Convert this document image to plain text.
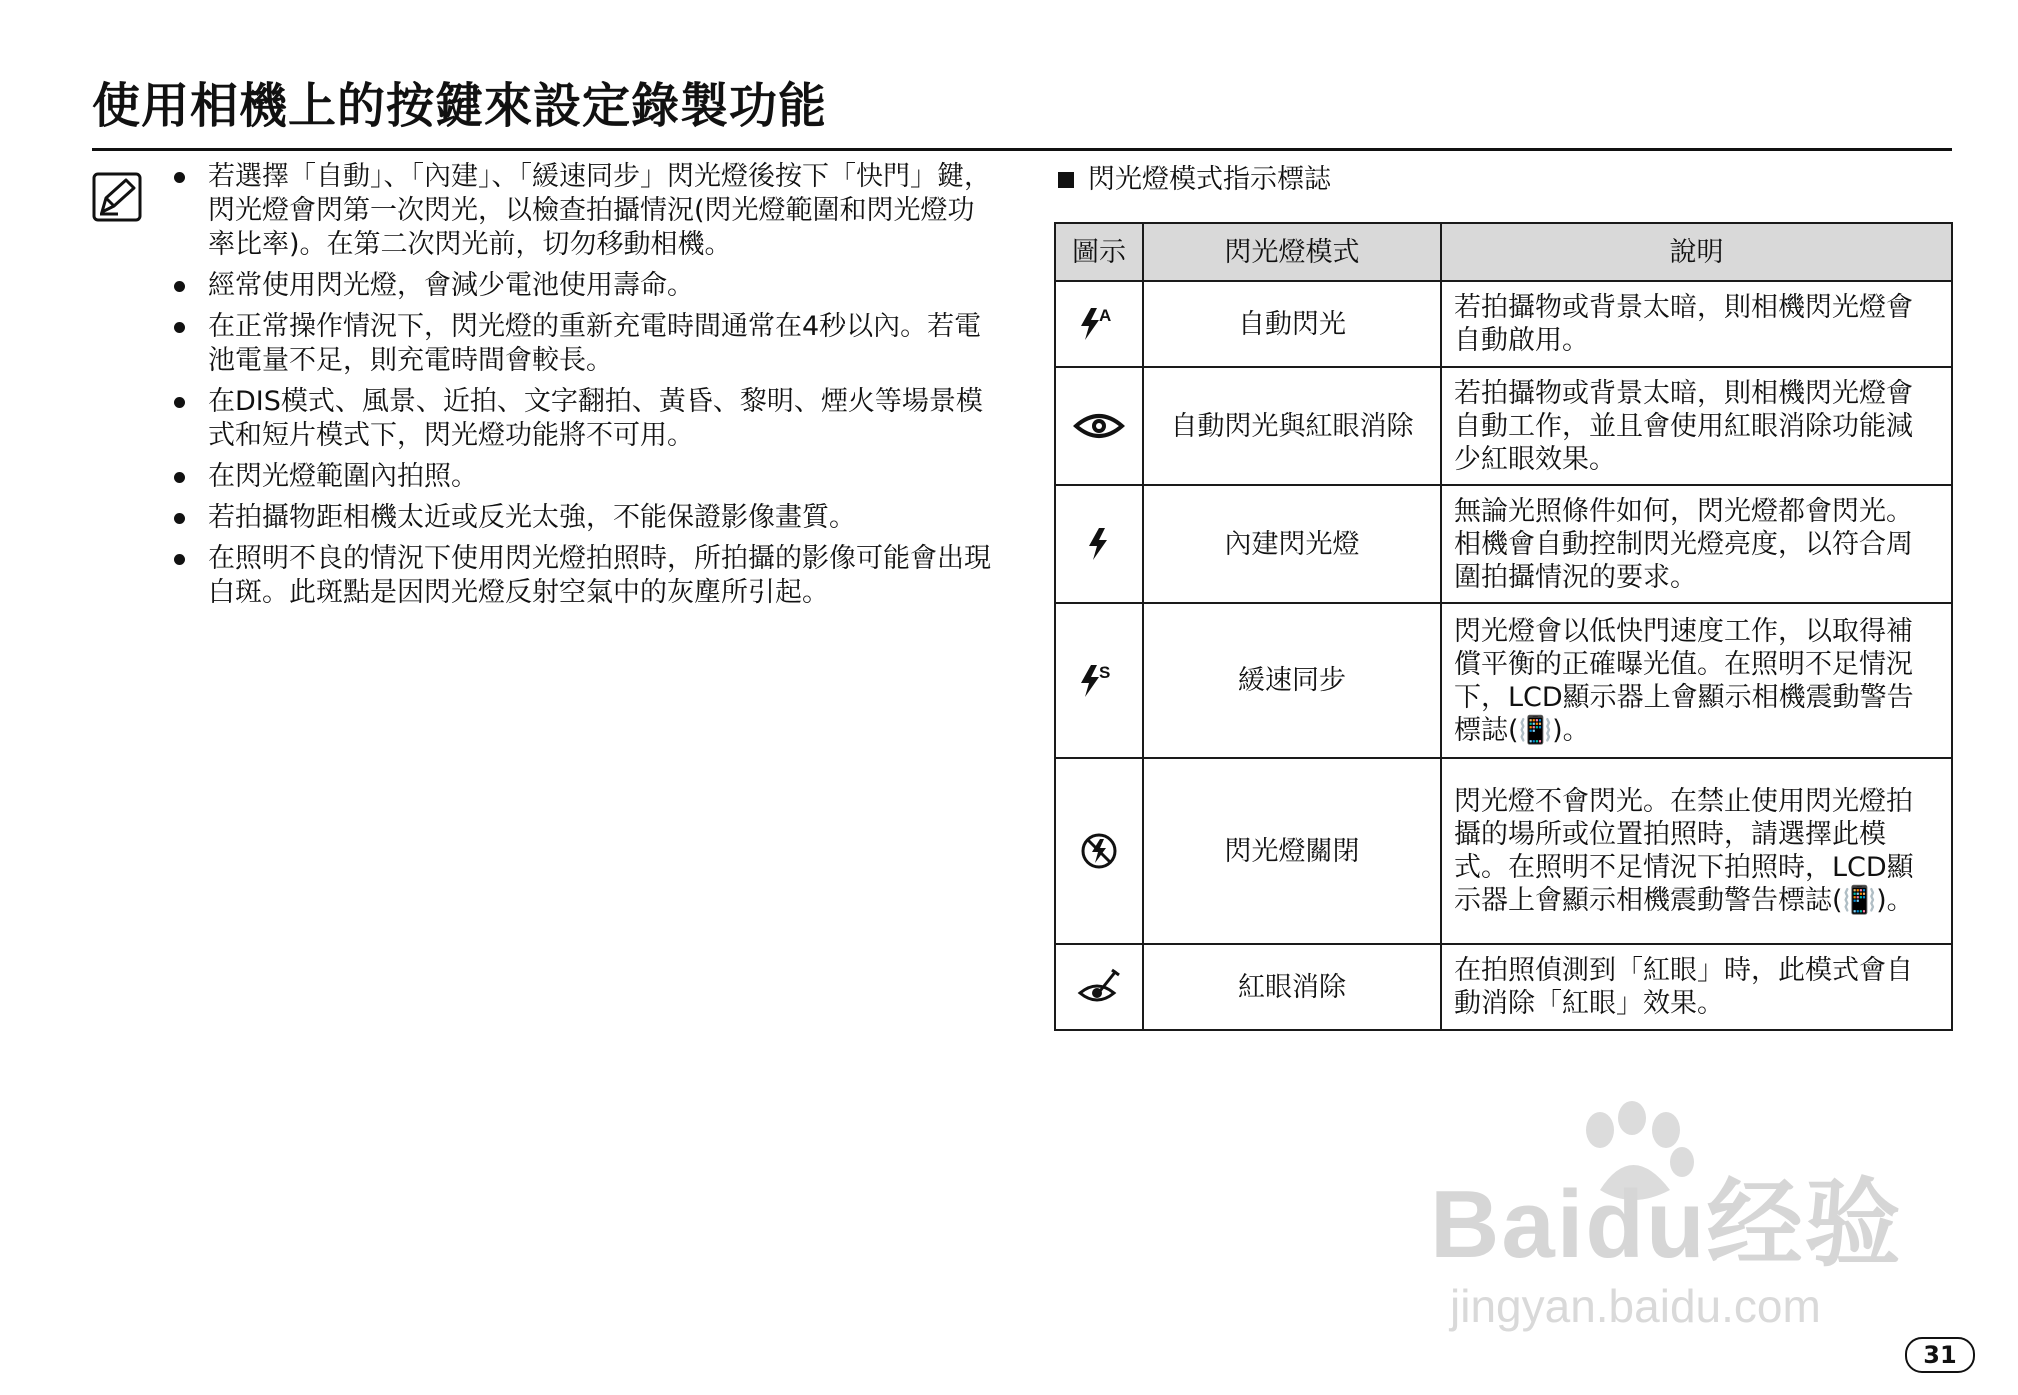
使用相機上的按鍵來設定錄製功能
若選擇「自動」、「內建」、「緩速同步」閃光燈後按下「快門」鍵，閃光燈會閃第一次閃光，以檢查拍攝情況(閃光燈範圍和閃光燈功率比率)。在第二次閃光前，切勿移動相機。
經常使用閃光燈，會減少電池使用壽命。
在正常操作情況下，閃光燈的重新充電時間通常在4秒以內。若電池電量不足，則充電時間會較長。
在DIS模式、風景、近拍、文字翻拍、黃昏、黎明、煙火等場景模式和短片模式下，閃光燈功能將不可用。
在閃光燈範圍內拍照。
若拍攝物距相機太近或反光太強，不能保證影像畫質。
在照明不良的情況下使用閃光燈拍照時，所拍攝的影像可能會出現白斑。此斑點是因閃光燈反射空氣中的灰塵所引起。
閃光燈模式指示標誌
圖示	閃光燈模式	說明

A	自動閃光	若拍攝物或背景太暗，則相機閃光燈會自動啟用。

	自動閃光與紅眼消除	若拍攝物或背景太暗，則相機閃光燈會自動工作，並且會使用紅眼消除功能減少紅眼效果。

	內建閃光燈	無論光照條件如何，閃光燈都會閃光。相機會自動控制閃光燈亮度，以符合周圍拍攝情況的要求。

S	緩速同步	閃光燈會以低快門速度工作，以取得補償平衡的正確曝光值。在照明不足情況下，LCD顯示器上會顯示相機震動警告標誌(📳)。

	閃光燈關閉	閃光燈不會閃光。在禁止使用閃光燈拍攝的場所或位置拍照時，請選擇此模式。在照明不足情況下拍照時，LCD顯示器上會顯示相機震動警告標誌(📳)。

	紅眼消除	在拍照偵測到「紅眼」時，此模式會自動消除「紅眼」效果。
Baidu经验
jingyan.baidu.com
31
